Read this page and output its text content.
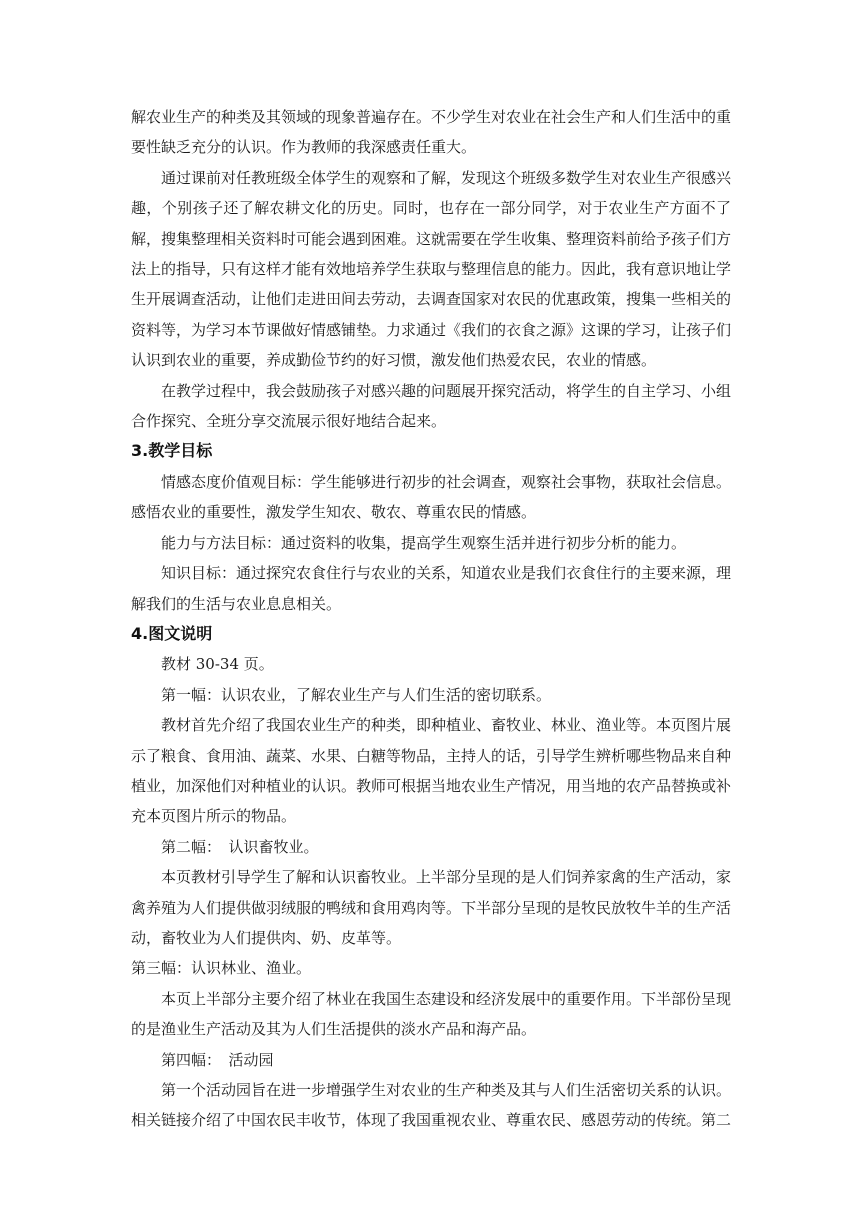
解农业生产的种类及其领域的现象普遍存在。不少学生对农业在社会生产和人们生活中的重要性缺乏充分的认识。作为教师的我深感责任重大。

通过课前对任教班级全体学生的观察和了解，发现这个班级多数学生对农业生产很感兴趣，个别孩子还了解农耕文化的历史。同时，也存在一部分同学，对于农业生产方面不了解，搜集整理相关资料时可能会遇到困难。这就需要在学生收集、整理资料前给予孩子们方法上的指导，只有这样才能有效地培养学生获取与整理信息的能力。因此，我有意识地让学生开展调查活动，让他们走进田间去劳动，去调查国家对农民的优惠政策，搜集一些相关的资料等，为学习本节课做好情感铺垫。力求通过《我们的衣食之源》这课的学习，让孩子们认识到农业的重要，养成勤俭节约的好习惯，激发他们热爱农民，农业的情感。

在教学过程中，我会鼓励孩子对感兴趣的问题展开探究活动，将学生的自主学习、小组合作探究、全班分享交流展示很好地结合起来。

3.教学目标

情感态度价值观目标：学生能够进行初步的社会调查，观察社会事物，获取社会信息。感悟农业的重要性，激发学生知农、敬农、尊重农民的情感。

能力与方法目标：通过资料的收集，提高学生观察生活并进行初步分析的能力。

知识目标：通过探究农食住行与农业的关系，知道农业是我们衣食住行的主要来源，理解我们的生活与农业息息相关。

4.图文说明

教材 30-34 页。

第一幅：认识农业，了解农业生产与人们生活的密切联系。

教材首先介绍了我国农业生产的种类，即种植业、畜牧业、林业、渔业等。本页图片展示了粮食、食用油、蔬菜、水果、白糖等物品，主持人的话，引导学生辨析哪些物品来自种植业，加深他们对种植业的认识。教师可根据当地农业生产情况，用当地的农产品替换或补充本页图片所示的物品。

第二幅：　认识畜牧业。

本页教材引导学生了解和认识畜牧业。上半部分呈现的是人们饲养家禽的生产活动，家禽养殖为人们提供做羽绒服的鸭绒和食用鸡肉等。下半部分呈现的是牧民放牧牛羊的生产活动，畜牧业为人们提供肉、奶、皮革等。

第三幅：认识林业、渔业。

本页上半部分主要介绍了林业在我国生态建设和经济发展中的重要作用。下半部份呈现的是渔业生产活动及其为人们生活提供的淡水产品和海产品。

第四幅：　活动园

第一个活动园旨在进一步增强学生对农业的生产种类及其与人们生活密切关系的认识。相关链接介绍了中国农民丰收节，体现了我国重视农业、尊重农民、感恩劳动的传统。第二
